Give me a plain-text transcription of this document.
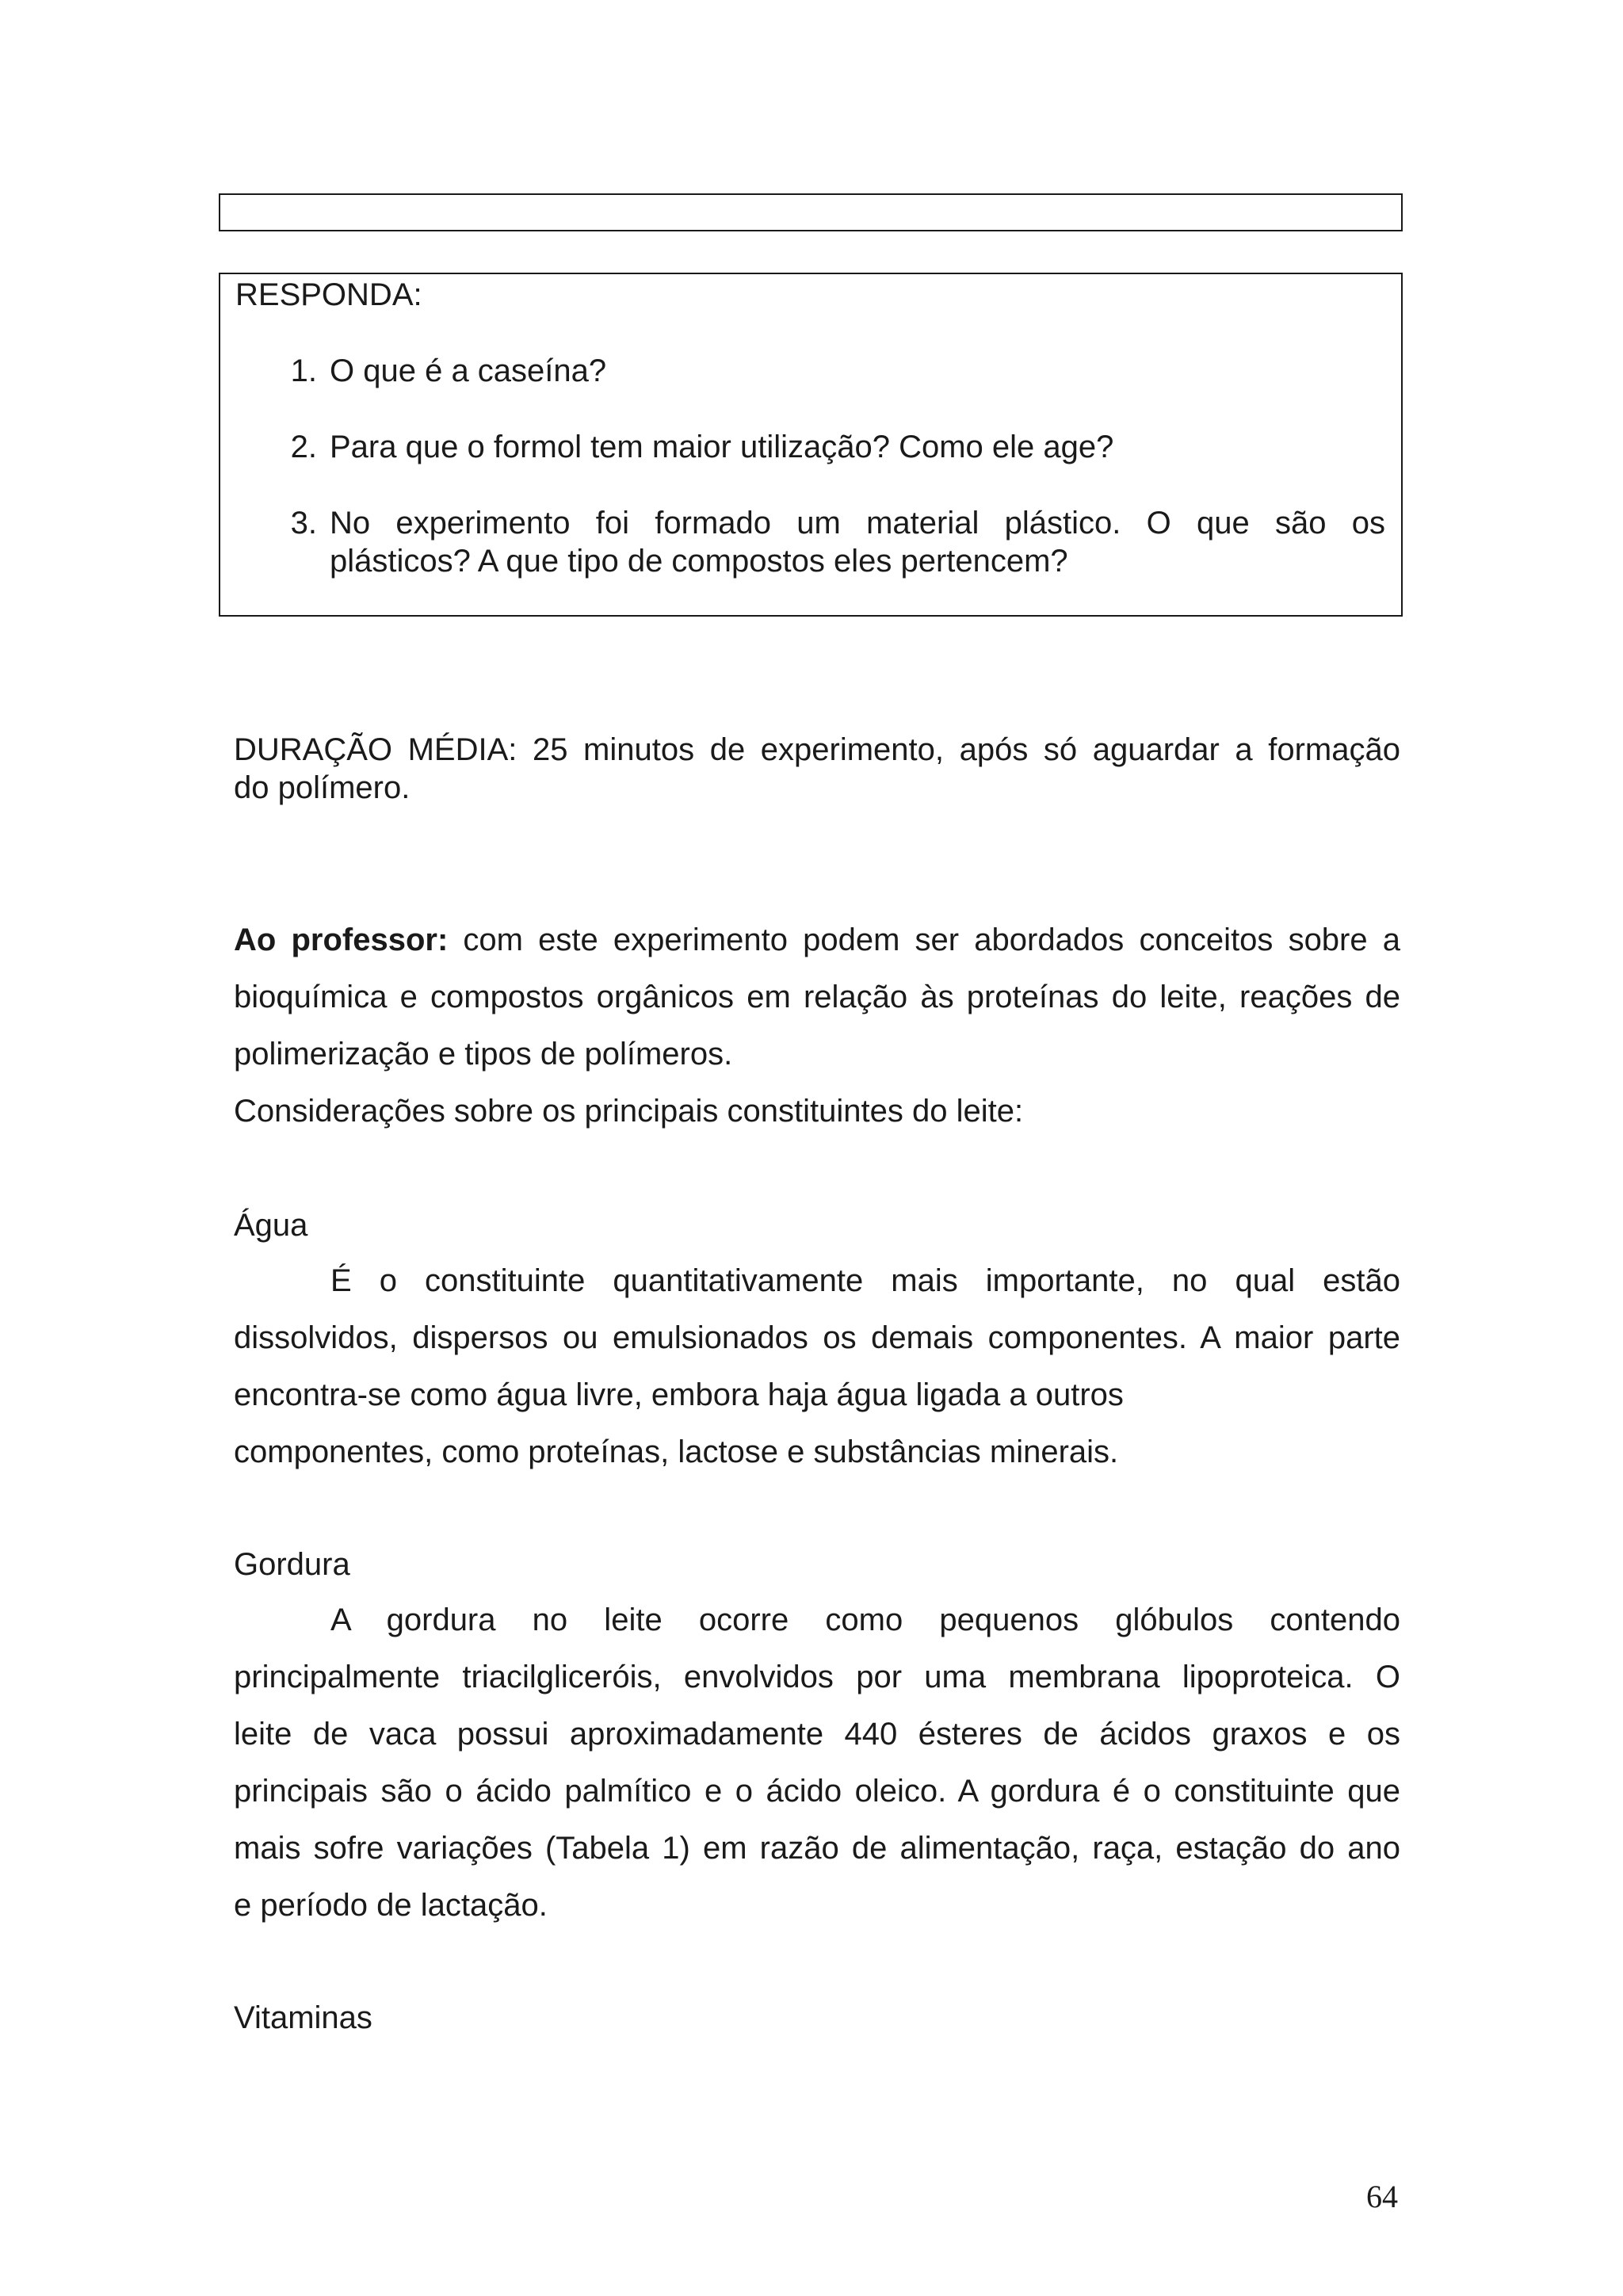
RESPONDA:
1. O que é a caseína?
2. Para que o formol tem maior utilização? Como ele age?
3. No experimento foi formado um material plástico. O que são os
plásticos? A que tipo de compostos eles pertencem?
DURAÇÃO MÉDIA: 25 minutos de experimento, após só aguardar a formação
do polímero.
Ao professor: com este experimento podem ser abordados conceitos sobre a
bioquímica e compostos orgânicos em relação às proteínas do leite, reações de
polimerização e tipos de polímeros.
Considerações sobre os principais constituintes do leite:
Água
É o constituinte quantitativamente mais importante, no qual estão
dissolvidos, dispersos ou emulsionados os demais componentes. A maior parte
encontra-se como água livre, embora haja água ligada a outros
componentes, como proteínas, lactose e substâncias minerais.
Gordura
A gordura no leite ocorre como pequenos glóbulos contendo
principalmente triacilgliceróis, envolvidos por uma membrana lipoproteica. O
leite de vaca possui aproximadamente 440 ésteres de ácidos graxos e os
principais são o ácido palmítico e o ácido oleico. A gordura é o constituinte que
mais sofre variações (Tabela 1) em razão de alimentação, raça, estação do ano
e período de lactação.
Vitaminas
64
